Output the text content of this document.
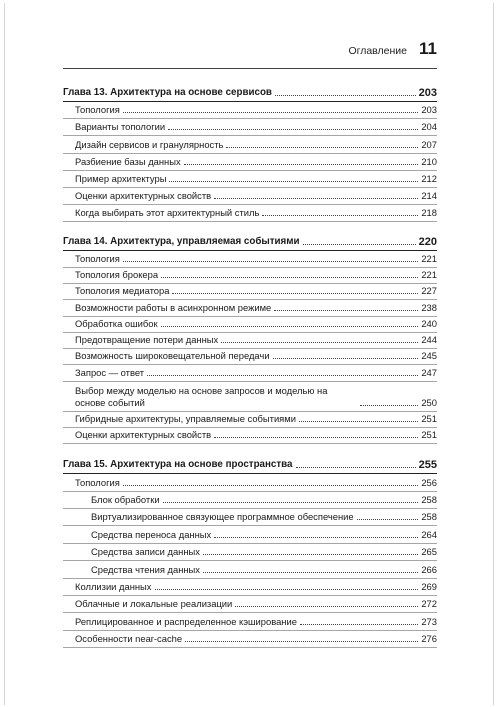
Оглавление 11
Глава 13. Архитектура на основе сервисов	203
Топология	203
Варианты топологии	204
Дизайн сервисов и гранулярность	207
Разбиение базы данных	210
Пример архитектуры	212
Оценки архитектурных свойств	214
Когда выбирать этот архитектурный стиль	218
Глава 14. Архитектура, управляемая событиями	220
Топология	221
Топология брокера	221
Топология медиатора	227
Возможности работы в асинхронном режиме	238
Обработка ошибок	240
Предотвращение потери данных	244
Возможность широковещательной передачи	245
Запрос — ответ	247
Выбор между моделью на основе запросов и моделью на основе событий	250
Гибридные архитектуры, управляемые событиями	251
Оценки архитектурных свойств	251
Глава 15. Архитектура на основе пространства	255
Топология	256
Блок обработки	258
Виртуализированное связующее программное обеспечение	258
Средства переноса данных	264
Средства записи данных	265
Средства чтения данных	266
Коллизии данных	269
Облачные и локальные реализации	272
Реплицированное и распределенное кэширование	273
Особенности near-cache	276
